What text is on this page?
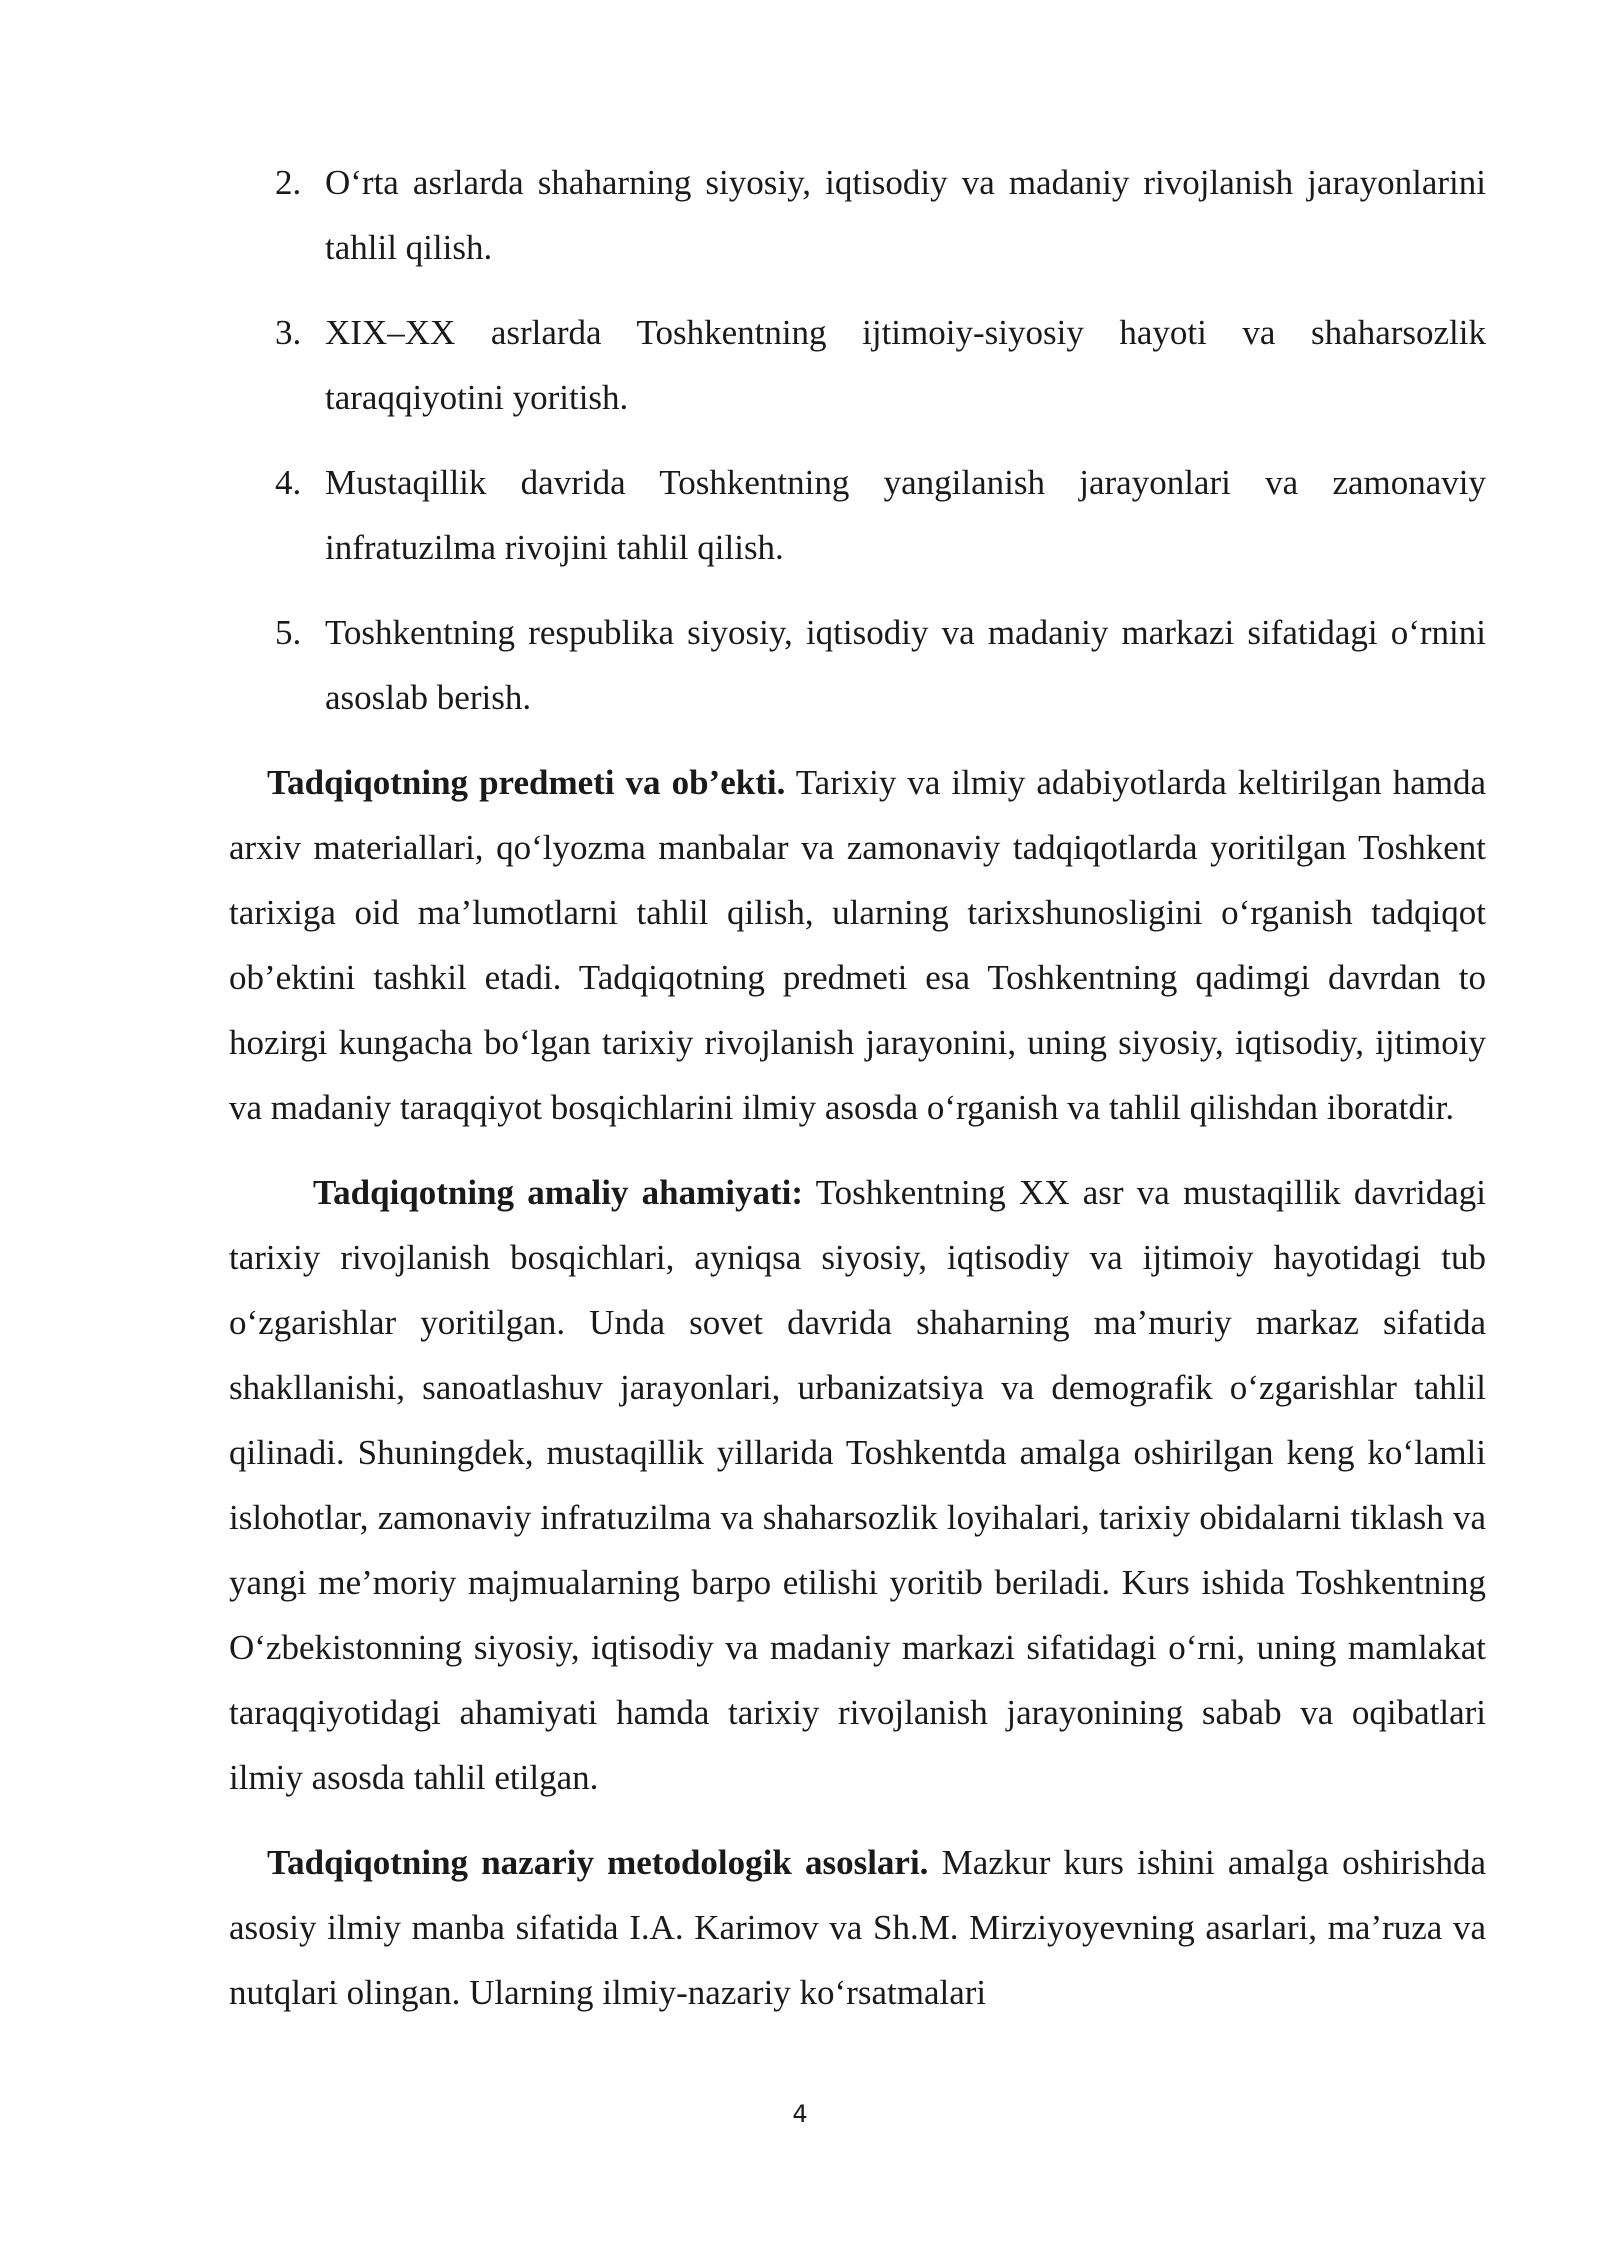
2. O‘rta asrlarda shaharning siyosiy, iqtisodiy va madaniy rivojlanish jarayonlarini tahlil qilish.
3. XIX–XX asrlarda Toshkentning ijtimoiy-siyosiy hayoti va shaharsozlik taraqqiyotini yoritish.
4. Mustaqillik davrida Toshkentning yangilanish jarayonlari va zamonaviy infratuzilma rivojini tahlil qilish.
5. Toshkentning respublika siyosiy, iqtisodiy va madaniy markazi sifatidagi o‘rnini asoslab berish.

Tadqiqotning predmeti va ob’ekti. Tarixiy va ilmiy adabiyotlarda keltirilgan hamda arxiv materiallari, qo‘lyozma manbalar va zamonaviy tadqiqotlarda yoritilgan Toshkent tarixiga oid ma’lumotlarni tahlil qilish, ularning tarixshunosligini o‘rganish tadqiqot ob’ektini tashkil etadi. Tadqiqotning predmeti esa Toshkentning qadimgi davrdan to hozirgi kungacha bo‘lgan tarixiy rivojlanish jarayonini, uning siyosiy, iqtisodiy, ijtimoiy va madaniy taraqqiyot bosqichlarini ilmiy asosda o‘rganish va tahlil qilishdan iboratdir.

Tadqiqotning amaliy ahamiyati: Toshkentning XX asr va mustaqillik davridagi tarixiy rivojlanish bosqichlari, ayniqsa siyosiy, iqtisodiy va ijtimoiy hayotidagi tub o‘zgarishlar yoritilgan. Unda sovet davrida shaharning ma’muriy markaz sifatida shakllanishi, sanoatlashuv jarayonlari, urbanizatsiya va demografik o‘zgarishlar tahlil qilinadi. Shuningdek, mustaqillik yillarida Toshkentda amalga oshirilgan keng ko‘lamli islohotlar, zamonaviy infratuzilma va shaharsozlik loyihalari, tarixiy obidalarni tiklash va yangi me’moriy majmualarning barpo etilishi yoritib beriladi. Kurs ishida Toshkentning O‘zbekistonning siyosiy, iqtisodiy va madaniy markazi sifatidagi o‘rni, uning mamlakat taraqqiyotidagi ahamiyati hamda tarixiy rivojlanish jarayonining sabab va oqibatlari ilmiy asosda tahlil etilgan.

Tadqiqotning nazariy metodologik asoslari. Mazkur kurs ishini amalga oshirishda asosiy ilmiy manba sifatida I.A. Karimov va Sh.M. Mirziyoyevning asarlari, ma’ruza va nutqlari olingan. Ularning ilmiy-nazariy ko‘rsatmalari

4
